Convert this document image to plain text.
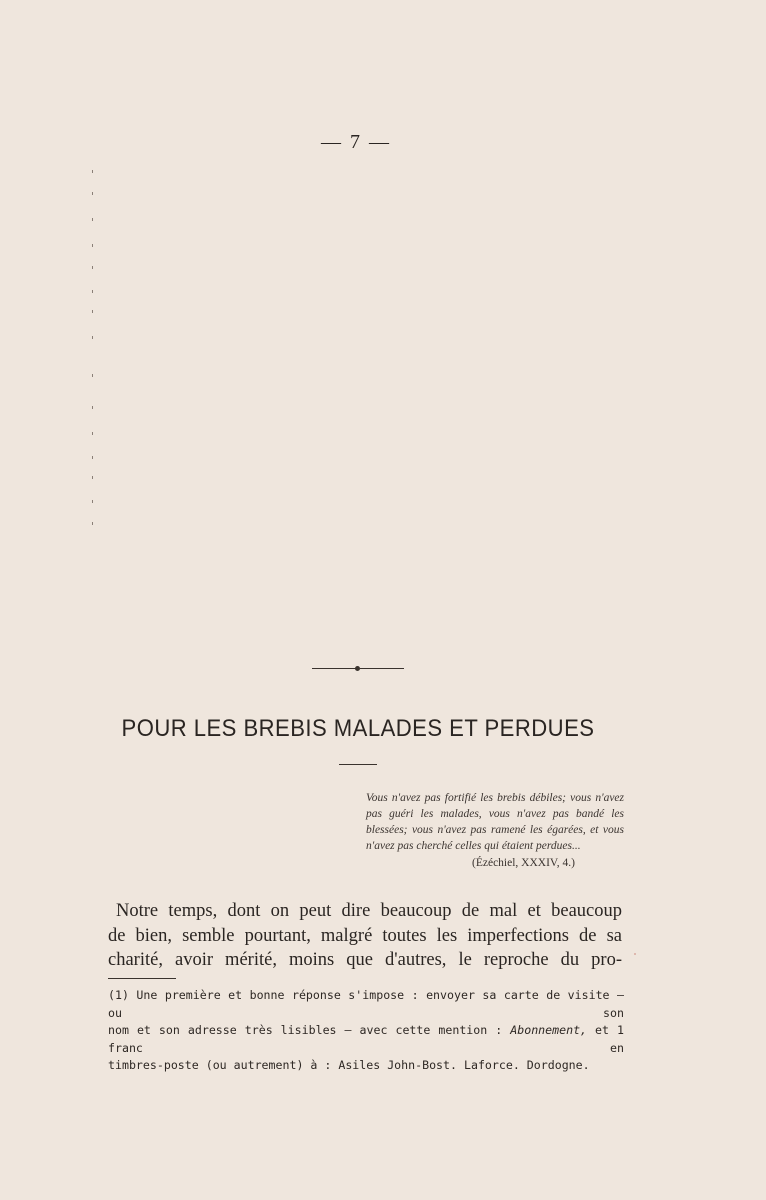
— 7 —
POUR LES BREBIS MALADES ET PERDUES
Vous n'avez pas fortifié les brebis débiles; vous n'avez pas guéri les malades, vous n'avez pas bandé les blessées; vous n'avez pas ramené les égarées, et vous n'avez pas cherché celles qui étaient perdues...
(Ézéchiel, XXXIV, 4.)
Notre temps, dont on peut dire beaucoup de mal et beaucoup
de bien, semble pourtant, malgré toutes les imperfections de sa
charité, avoir mérité, moins que d'autres, le reproche du pro-
(1) Une première et bonne réponse s'impose : envoyer sa carte de visite — ou son
nom et son adresse très lisibles — avec cette mention : Abonnement, et 1 franc en
timbres-poste (ou autrement) à : Asiles John-Bost. Laforce. Dordogne.
